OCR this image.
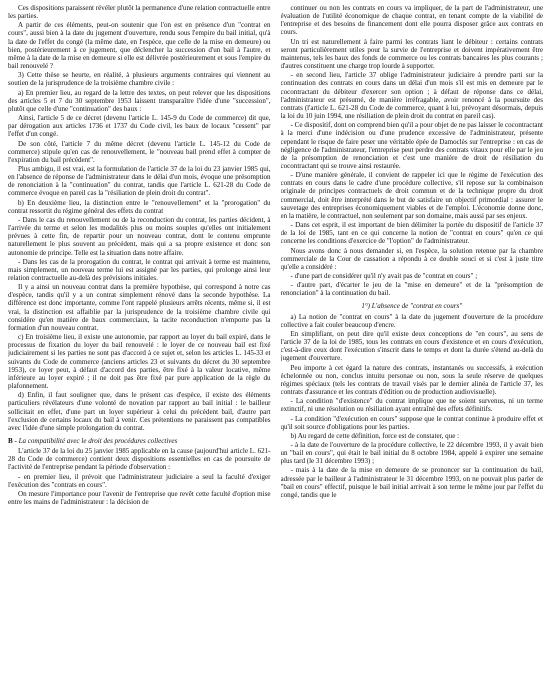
Ces dispositions paraissent révéler plutôt la permanence d'une relation contractuelle entre les parties.

A partir de ces éléments, peut-on soutenir que l'on est en présence d'un "contrat en cours", aussi bien à la date du jugement d'ouverture, rendu sous l'empire du bail initial, qu'à la date de l'effet du congé (la même date, en l'espèce, que celle de la mise en demeure) ou bien, postérieurement à ce jugement, que déclencher la succession d'un bail à l'autre, et même à la date de la mise en demeure si elle est délivrée postérieurement et sous l'empire du bail renouvelé ?

3) Cette thèse se heurte, en réalité, à plusieurs arguments contraires qui viennent au soutien de la jurisprudence de la troisième chambre civile :

a) En premier lieu, au regard de la lettre des textes, on peut relever que les dispositions des articles 5 et 7 du 30 septembre 1953 laissent transparaître l'idée d'une "succession", plutôt que celle d'une "continuation" des baux :

Ainsi, l'article 5 de ce décret (devenu l'article L. 145-9 du Code de commerce) dit que, par dérogation aux articles 1736 et 1737 du Code civil, les baux de locaux "cessent" par l'effet d'un congé.

De son côté, l'article 7 du même décret (devenu l'article L. 145-12 du Code de commerce) stipule qu'en cas de renouvellement, le "nouveau bail prend effet à compter de l'expiration du bail précédent".

Plus ambigu, il est vrai, est la formulation de l'article 37 de la loi du 23 janvier 1985 qui, en l'absence de réponse de l'administrateur dans le délai d'un mois, évoque une présomption de renonciation à la "continuation" du contrat, tandis que l'article L. 621-28 du Code de commerce évoque en pareil cas la "résiliation de plein droit du contrat".

b) En deuxième lieu, la distinction entre le "renouvellement" et la "prorogation" du contrat ressortit du régime général des effets du contrat

- Dans le cas du renouvellement ou de la reconduction du contrat, les parties décident, à l'arrivée du terme et selon les modalités plus ou moins souples qu'elles ont initialement prévues à cette fin, de repartir pour un nouveau contrat, dont le contenu emprunte naturellement le plus souvent au précédent, mais qui a sa propre existence et donc son autonomie de principe. Telle est la situation dans notre affaire.

- Dans les cas de la prorogation du contrat, le contrat qui arrivait à terme est maintenu, mais simplement, un nouveau terme lui est assigné par les parties, qui prolonge ainsi leur relation contractuelle au-delà des prévisions initiales.

Il y a ainsi un nouveau contrat dans la première hypothèse, qui correspond à notre cas d'espèce, tandis qu'il y a un contrat simplement rénové dans la seconde hypothèse. La différence est donc importante, comme l'ont rappelé plusieurs arrêts récents, même si, il est vrai, la distinction est affaiblie par la jurisprudence de la troisième chambre civile qui considère qu'en matière de baux commerciaux, la tacite reconduction n'emporte pas la formation d'un nouveau contrat.

c) En troisième lieu, il existe une autonomie, par rapport au loyer du bail expiré, dans le processus de fixation du loyer du bail renouvelé : le loyer de ce nouveau bail est fixé judiciairement si les parties ne sont pas d'accord à ce sujet et, selon les articles L. 145-33 et suivants du Code de commerce (anciens articles 23 et suivants du décret du 30 septembre 1953), ce loyer peut, à défaut d'accord des parties, être fixé à la valeur locative, même inférieure au loyer expiré ; il ne doit pas être fixé par pure application de la règle du plafonnement.

d) Enfin, il faut souligner que, dans le présent cas d'espèce, il existe des éléments particuliers révélateurs d'une volonté de novation par rapport au bail initial : le bailleur sollicitait en effet, d'une part un loyer supérieur à celui du précédent bail, d'autre part l'exclusion de certains locaux du bail à venir. Ces prétentions ne paraissent pas compatibles avec l'idée d'une simple prolongation du contrat.

B - La compatibilité avec le droit des procédures collectives

L'article 37 de la loi du 25 janvier 1985 applicable en la cause (aujourd'hui article L. 621-28 du Code de commerce) contient deux dispositions essentielles en cas de poursuite de l'activité de l'entreprise pendant la période d'observation :

- en premier lieu, il prévoit que l'administrateur judiciaire a seul la faculté d'exiger l'exécution des "contrats en cours".

On mesure l'importance pour l'avenir de l'entreprise que revêt cette faculté d'option mise entre les mains de l'administrateur : la décision de

continuer ou non les contrats en cours va impliquer, de la part de l'administrateur, une évaluation de l'utilité économique de chaque contrat, en tenant compte de la viabilité de l'entreprise et des besoins de financement dont elle pourra disposer grâce aux contrats en cours.

Un tri est naturellement à faire parmi les contrats liant le débiteur : certains contrats seront particulièrement utiles pour la survie de l'entreprise et doivent impérativement être maintenus, tels les baux des fonds de commerce ou les contrats bancaires les plus courants ; d'autres constituent une charge trop lourde à supporter.

- en second lieu, l'article 37 oblige l'administrateur judiciaire à prendre parti sur la continuation des contrats en cours dans un délai d'un mois s'il est mis en demeure par le cocontractant du débiteur d'exercer son option ; à défaut de réponse dans ce délai, l'administrateur est présumé, de manière irréfragable, avoir renoncé à la poursuite des contrats (l'article L. 621-28 du Code de commerce, quant à lui, prévoyant désormais, depuis la loi du 10 juin 1994, une résiliation de plein droit du contrat en pareil cas).

- Ce dispositif, dont on comprend bien qu'il a pour objet de ne pas laisser le cocontractant à la merci d'une indécision ou d'une prudence excessive de l'administrateur, présente cependant le risque de faire peser une véritable épée de Damoclès sur l'entreprise : en cas de négligence de l'administrateur, l'entreprise peut perdre des contrats vitaux pour elle par le jeu de la présomption de renonciation et c'est une manière de droit de résiliation du cocontractant qui se trouve ainsi restaurée.

- D'une manière générale, il convient de rappeler ici que le régime de l'exécution des contrats en cours dans le cadre d'une procédure collective, s'il repose sur la combinaison originale de principes contractuels de droit commun et de la technique propre du droit commercial, doit être interprété dans le but de satisfaire un objectif primordial : assurer le sauvetage des entreprises économiquement viables et de l'emploi. L'économie donne donc, en la matière, le contractuel, non seulement par son domaine, mais aussi par ses enjeux.

- Dans cet esprit, il est important de bien délimiter la portée du dispositif de l'article 37 de la loi de 1985, tant en ce qui concerne la notion de "contrat en cours" qu'en ce qui concerne les conditions d'exercice de "l'option" de l'administrateur.

Nous avons donc à nous demander si, en l'espèce, la solution retenue par la chambre commerciale de la Cour de cassation a répondu à ce double souci et si c'est à juste titre qu'elle a considéré :

- d'une part de considérer qu'il n'y avait pas de "contrat en cours" ;

- d'autre part, d'écarter le jeu de la "mise en demeure" et de la "présomption de renonciation" à la continuation du bail.

1°) L'absence de "contrat en cours"

a) La notion de "contrat en cours" à la date du jugement d'ouverture de la procédure collective a fait couler beaucoup d'encre.

En simplifiant, on peut dire qu'il existe deux conceptions de "en cours", au sens de l'article 37 de la loi de 1985, tous les contrats en cours d'existence et en cours d'exécution, c'est-à-dire ceux dont l'exécution s'inscrit dans le temps et dont la durée s'étend au-delà du jugement d'ouverture.

Peu importe à cet égard la nature des contrats, instantanés ou successifs, à exécution échelonnée ou non, conclus intuitu personae ou non, sous la seule réserve de quelques régimes spéciaux (tels les contrats de travail visés par le dernier alinéa de l'article 37, les contrats d'assurance et les contrats d'édition ou de production audiovisuelle).

- La condition "d'existence" du contrat implique que ne soient survenus, ni un terme extinctif, ni une résolution ou résiliation ayant entraîné des effets définitifs.

- La condition "d'exécution en cours" suppose que le contrat continue à produire effet et qu'il soit source d'obligations pour les parties.

b) Au regard de cette définition, force est de constater, que :

- à la date de l'ouverture de la procédure collective, le 22 décembre 1993, il y avait bien un "bail en cours", qui était le bail initial du 8 octobre 1984, appelé à expirer une semaine plus tard (le 31 décembre 1993) ;

- mais à la date de la mise en demeure de se prononcer sur la continuation du bail, adressée par le bailleur à l'administrateur le 31 décembre 1993, on ne pouvait plus parler de "bail en cours" effectif, puisque le bail initial arrivait à son terme le même jour par l'effet du congé, tandis que le
